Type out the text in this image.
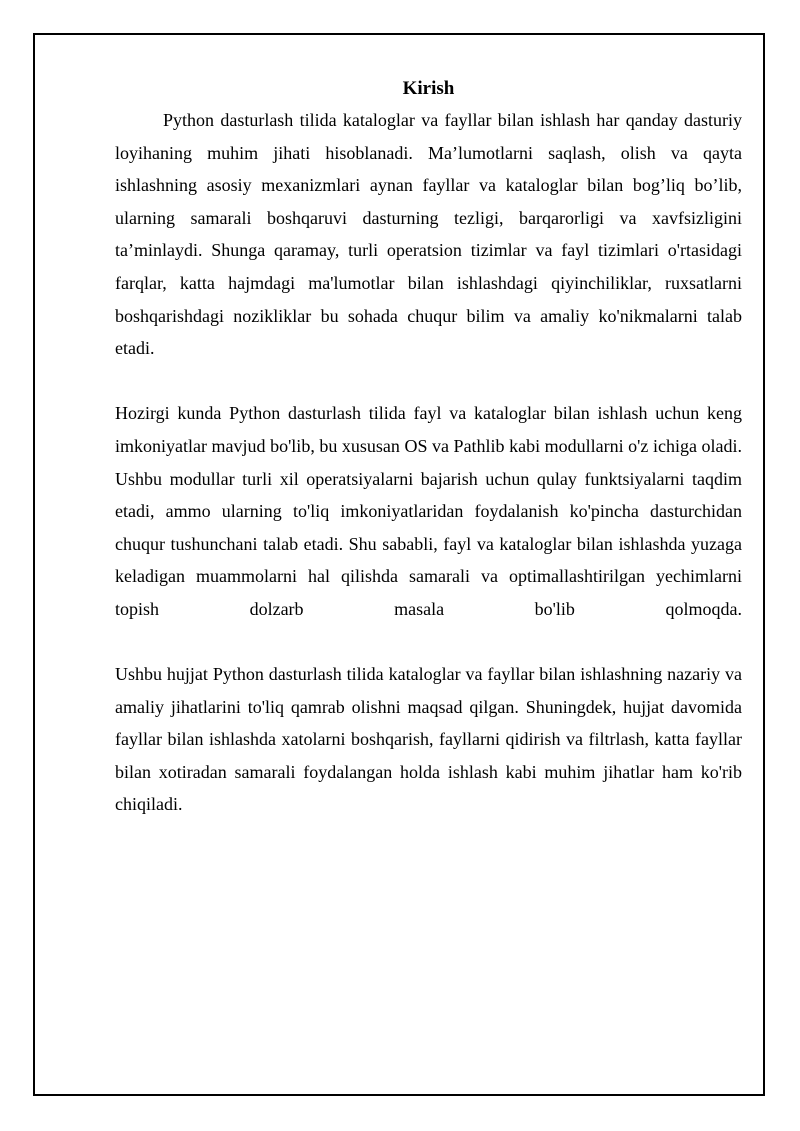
Kirish

Python dasturlash tilida kataloglar va fayllar bilan ishlash har qanday dasturiy loyihaning muhim jihati hisoblanadi. Ma’lumotlarni saqlash, olish va qayta ishlashning asosiy mexanizmlari aynan fayllar va kataloglar bilan bog’liq bo’lib, ularning samarali boshqaruvi dasturning tezligi, barqarorligi va xavfsizligini ta’minlaydi. Shunga qaramay, turli operatsion tizimlar va fayl tizimlari o'rtasidagi farqlar, katta hajmdagi ma'lumotlar bilan ishlashdagi qiyinchiliklar, ruxsatlarni boshqarishdagi nozikliklar bu sohada chuqur bilim va amaliy ko'nikmalarni talab etadi.

Hozirgi kunda Python dasturlash tilida fayl va kataloglar bilan ishlash uchun keng imkoniyatlar mavjud bo'lib, bu xususan OS va Pathlib kabi modullarni o'z ichiga oladi. Ushbu modullar turli xil operatsiyalarni bajarish uchun qulay funktsiyalarni taqdim etadi, ammo ularning to'liq imkoniyatlaridan foydalanish ko'pincha dasturchidan chuqur tushunchani talab etadi. Shu sababli, fayl va kataloglar bilan ishlashda yuzaga keladigan muammolarni hal qilishda samarali va optimallashtirilgan yechimlarni topish dolzarb masala bo'lib qolmoqda.

Ushbu hujjat Python dasturlash tilida kataloglar va fayllar bilan ishlashning nazariy va amaliy jihatlarini to'liq qamrab olishni maqsad qilgan. Shuningdek, hujjat davomida fayllar bilan ishlashda xatolarni boshqarish, fayllarni qidirish va filtrlash, katta fayllar bilan xotiradan samarali foydalangan holda ishlash kabi muhim jihatlar ham ko'rib chiqiladi.
